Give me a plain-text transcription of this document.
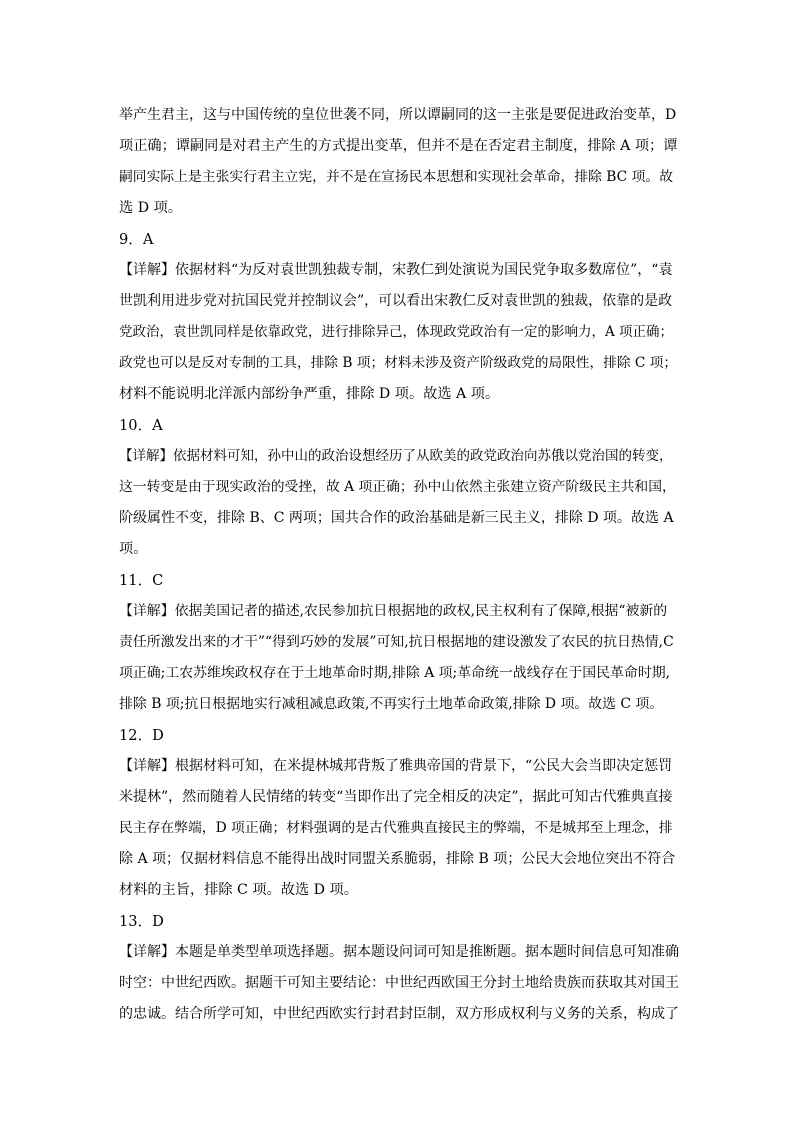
举产生君主，这与中国传统的皇位世袭不同，所以谭嗣同的这一主张是要促进政治变革，D
项正确；谭嗣同是对君主产生的方式提出变革，但并不是在否定君主制度，排除 A 项；谭
嗣同实际上是主张实行君主立宪，并不是在宣扬民本思想和实现社会革命，排除 BC 项。故
选 D 项。
9．A
【详解】依据材料“为反对袁世凯独裁专制，宋教仁到处演说为国民党争取多数席位”，“袁
世凯利用进步党对抗国民党并控制议会”，可以看出宋教仁反对袁世凯的独裁，依靠的是政
党政治，袁世凯同样是依靠政党，进行排除异己，体现政党政治有一定的影响力，A 项正确；
政党也可以是反对专制的工具，排除 B 项；材料未涉及资产阶级政党的局限性，排除 C 项；
材料不能说明北洋派内部纷争严重，排除 D 项。故选 A 项。
10．A
【详解】依据材料可知，孙中山的政治设想经历了从欧美的政党政治向苏俄以党治国的转变，
这一转变是由于现实政治的受挫，故 A 项正确；孙中山依然主张建立资产阶级民主共和国，
阶级属性不变，排除 B、C 两项；国共合作的政治基础是新三民主义，排除 D 项。故选 A
项。
11．C
【详解】依据美国记者的描述,农民参加抗日根据地的政权,民主权利有了保障,根据“被新的
责任所激发出来的才干”“得到巧妙的发展”可知,抗日根据地的建设激发了农民的抗日热情,C
项正确;工农苏维埃政权存在于土地革命时期,排除 A 项;革命统一战线存在于国民革命时期,
排除 B 项;抗日根据地实行减租减息政策,不再实行土地革命政策,排除 D 项。故选 C 项。
12．D
【详解】根据材料可知，在米提林城邦背叛了雅典帝国的背景下，“公民大会当即决定惩罚
米提林”，然而随着人民情绪的转变“当即作出了完全相反的决定”，据此可知古代雅典直接
民主存在弊端，D 项正确；材料强调的是古代雅典直接民主的弊端，不是城邦至上理念，排
除 A 项；仅据材料信息不能得出战时同盟关系脆弱，排除 B 项；公民大会地位突出不符合
材料的主旨，排除 C 项。故选 D 项。
13．D
【详解】本题是单类型单项选择题。据本题设问词可知是推断题。据本题时间信息可知准确
时空：中世纪西欧。据题干可知主要结论：中世纪西欧国王分封土地给贵族而获取其对国王
的忠诚。结合所学可知，中世纪西欧实行封君封臣制，双方形成权利与义务的关系，构成了
